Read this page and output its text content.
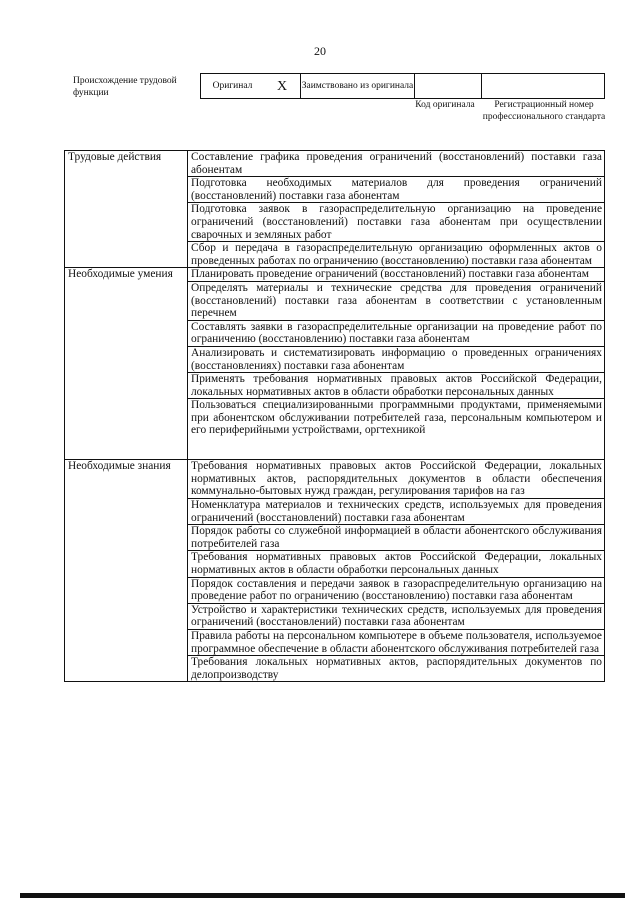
20
Происхождение трудовой функции
Оригинал	X	Заимствовано из оригинала		
Код оригинала	Регистрационный номер профессионального стандарта
Трудовые действия	Составление графика проведения ограничений (восстановлений) поставки газа абонентам
	Подготовка необходимых материалов для проведения ограничений (восстановлений) поставки газа абонентам
	Подготовка заявок в газораспределительную организацию на проведение ограничений (восстановлений) поставки газа абонентам при осуществлении сварочных и земляных работ
	Сбор и передача в газораспределительную организацию оформленных актов о проведенных работах по ограничению (восстановлению) поставки газа абонентам
Необходимые умения	Планировать проведение ограничений (восстановлений) поставки газа абонентам
	Определять материалы и технические средства для проведения ограничений (восстановлений) поставки газа абонентам в соответствии с установленным перечнем
	Составлять заявки в газораспределительные организации на проведение работ по ограничению (восстановлению) поставки газа абонентам
	Анализировать и систематизировать информацию о проведенных ограничениях (восстановлениях) поставки газа абонентам
	Применять требования нормативных правовых актов Российской Федерации, локальных нормативных актов в области обработки персональных данных
	Пользоваться специализированными программными продуктами, применяемыми при абонентском обслуживании потребителей газа, персональным компьютером и его периферийными устройствами, оргтехникой
Необходимые знания	Требования нормативных правовых актов Российской Федерации, локальных нормативных актов, распорядительных документов в области обеспечения коммунально-бытовых нужд граждан, регулирования тарифов на газ
	Номенклатура материалов и технических средств, используемых для проведения ограничений (восстановлений) поставки газа абонентам
	Порядок работы со служебной информацией в области абонентского обслуживания потребителей газа
	Требования нормативных правовых актов Российской Федерации, локальных нормативных актов в области обработки персональных данных
	Порядок составления и передачи заявок в газораспределительную организацию на проведение работ по ограничению (восстановлению) поставки газа абонентам
	Устройство и характеристики технических средств, используемых для проведения ограничений (восстановлений) поставки газа абонентам
	Правила работы на персональном компьютере в объеме пользователя, используемое программное обеспечение в области абонентского обслуживания потребителей газа
	Требования локальных нормативных актов, распорядительных документов по делопроизводству
